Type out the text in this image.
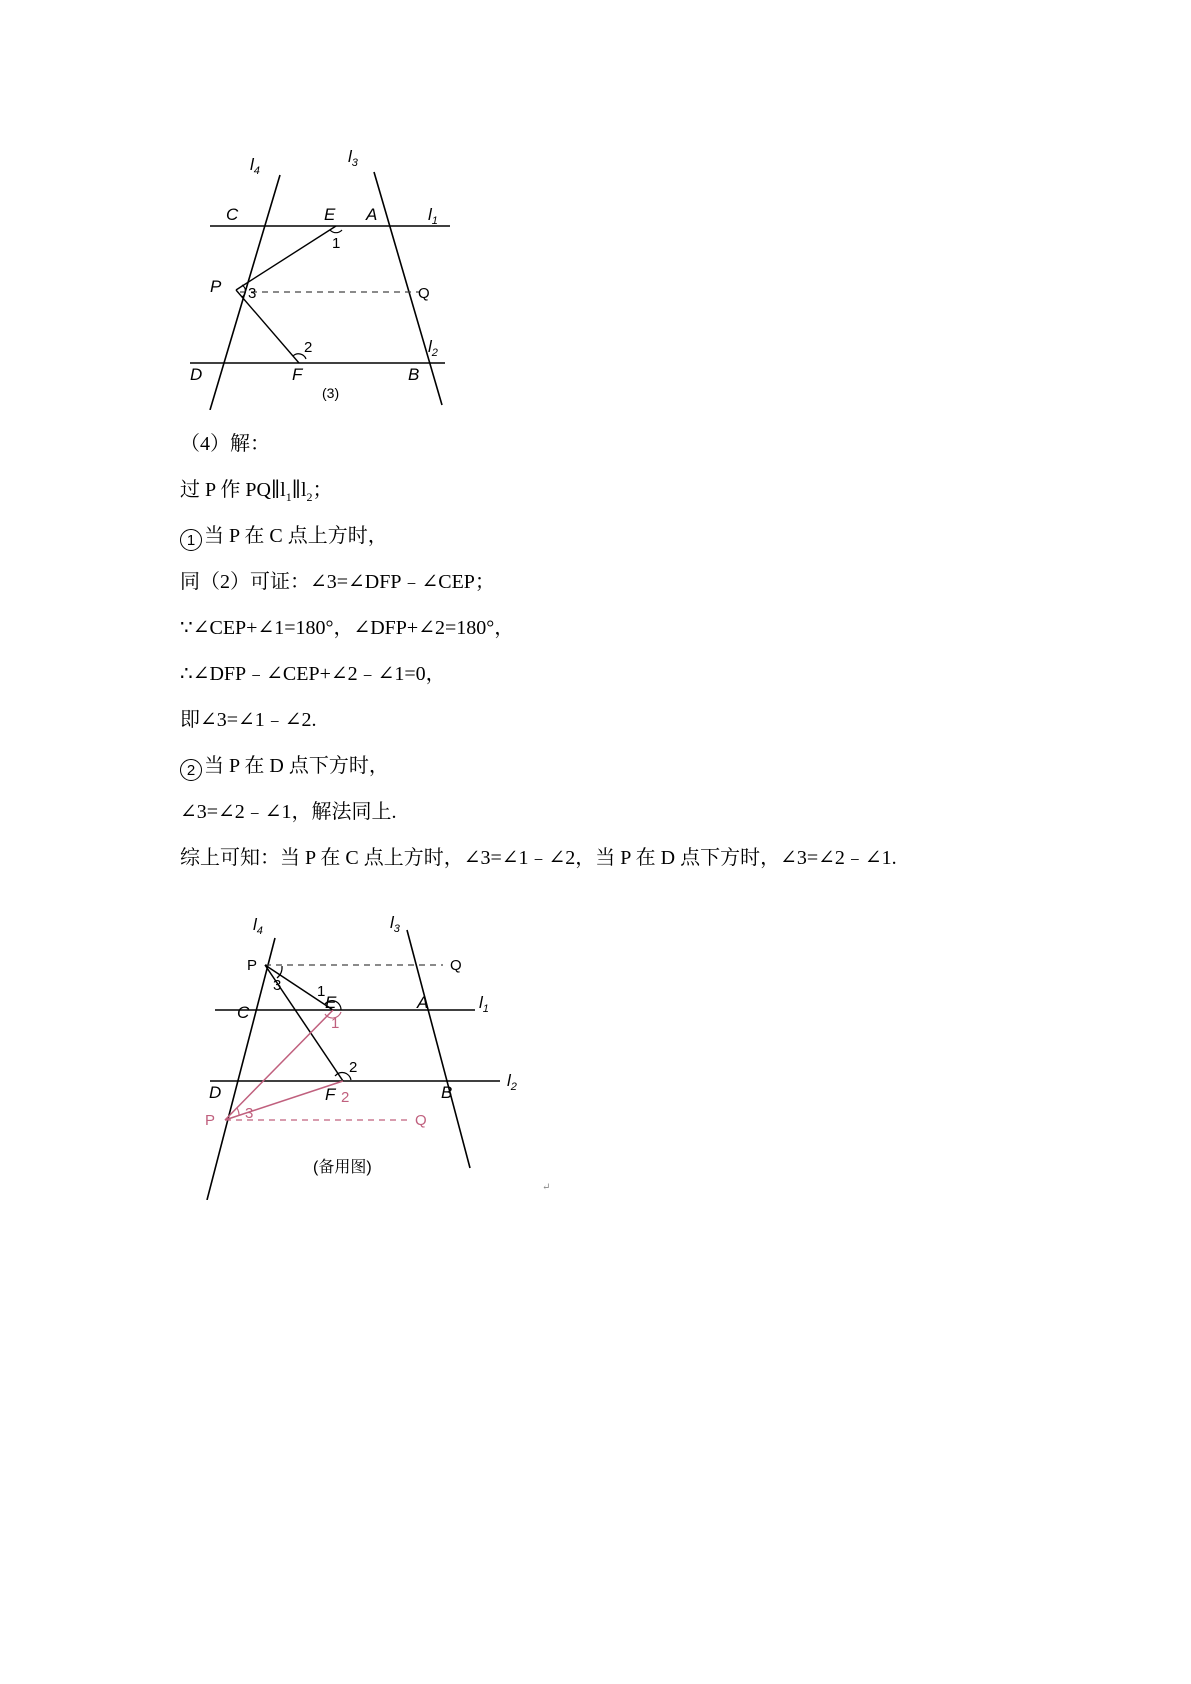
$l_4$
$l_3$
$l_1$
$l_2$
C	E A
P	Q
D	F	B
1
2
3
(3)
（4）解：
过 P 作 $PQ\parallel l_1\parallel l_2$；
1 当 P 在 C 点上方时，
同（2）可证：∠3=∠DFP﹣∠CEP；
∵∠CEP+∠1=180°，∠DFP+∠2=180°，
∴∠DFP﹣∠CEP+∠2﹣∠1=0，
即∠3=∠1﹣∠2.
2 当 P 在 D 点下方时，
∠3=∠2﹣∠1，解法同上.
综上可知：当 P 在 C 点上方时，∠3=∠1﹣∠2，当 P 在 D 点下方时，∠3=∠2﹣∠1.
$l_4$	$l_3$
$l_1$
$l_2$
P	Q
C
E	A
D	F	B
P	Q
3 1
1
2
2
3
(备用图)
↵
